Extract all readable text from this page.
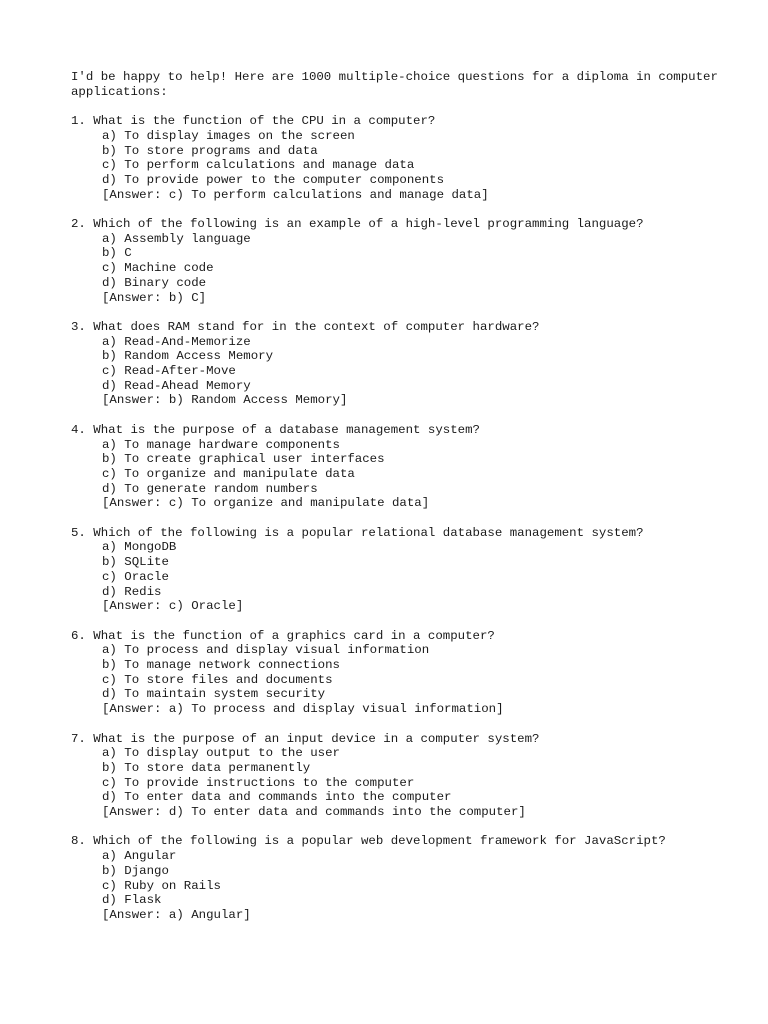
I'd be happy to help! Here are 1000 multiple-choice questions for a diploma in computer applications:
1. What is the function of the CPU in a computer?
a) To display images on the screen
b) To store programs and data
c) To perform calculations and manage data
d) To provide power to the computer components
[Answer: c) To perform calculations and manage data]
2. Which of the following is an example of a high-level programming language?
a) Assembly language
b) C
c) Machine code
d) Binary code
[Answer: b) C]
3. What does RAM stand for in the context of computer hardware?
a) Read-And-Memorize
b) Random Access Memory
c) Read-After-Move
d) Read-Ahead Memory
[Answer: b) Random Access Memory]
4. What is the purpose of a database management system?
a) To manage hardware components
b) To create graphical user interfaces
c) To organize and manipulate data
d) To generate random numbers
[Answer: c) To organize and manipulate data]
5. Which of the following is a popular relational database management system?
a) MongoDB
b) SQLite
c) Oracle
d) Redis
[Answer: c) Oracle]
6. What is the function of a graphics card in a computer?
a) To process and display visual information
b) To manage network connections
c) To store files and documents
d) To maintain system security
[Answer: a) To process and display visual information]
7. What is the purpose of an input device in a computer system?
a) To display output to the user
b) To store data permanently
c) To provide instructions to the computer
d) To enter data and commands into the computer
[Answer: d) To enter data and commands into the computer]
8. Which of the following is a popular web development framework for JavaScript?
a) Angular
b) Django
c) Ruby on Rails
d) Flask
[Answer: a) Angular]
